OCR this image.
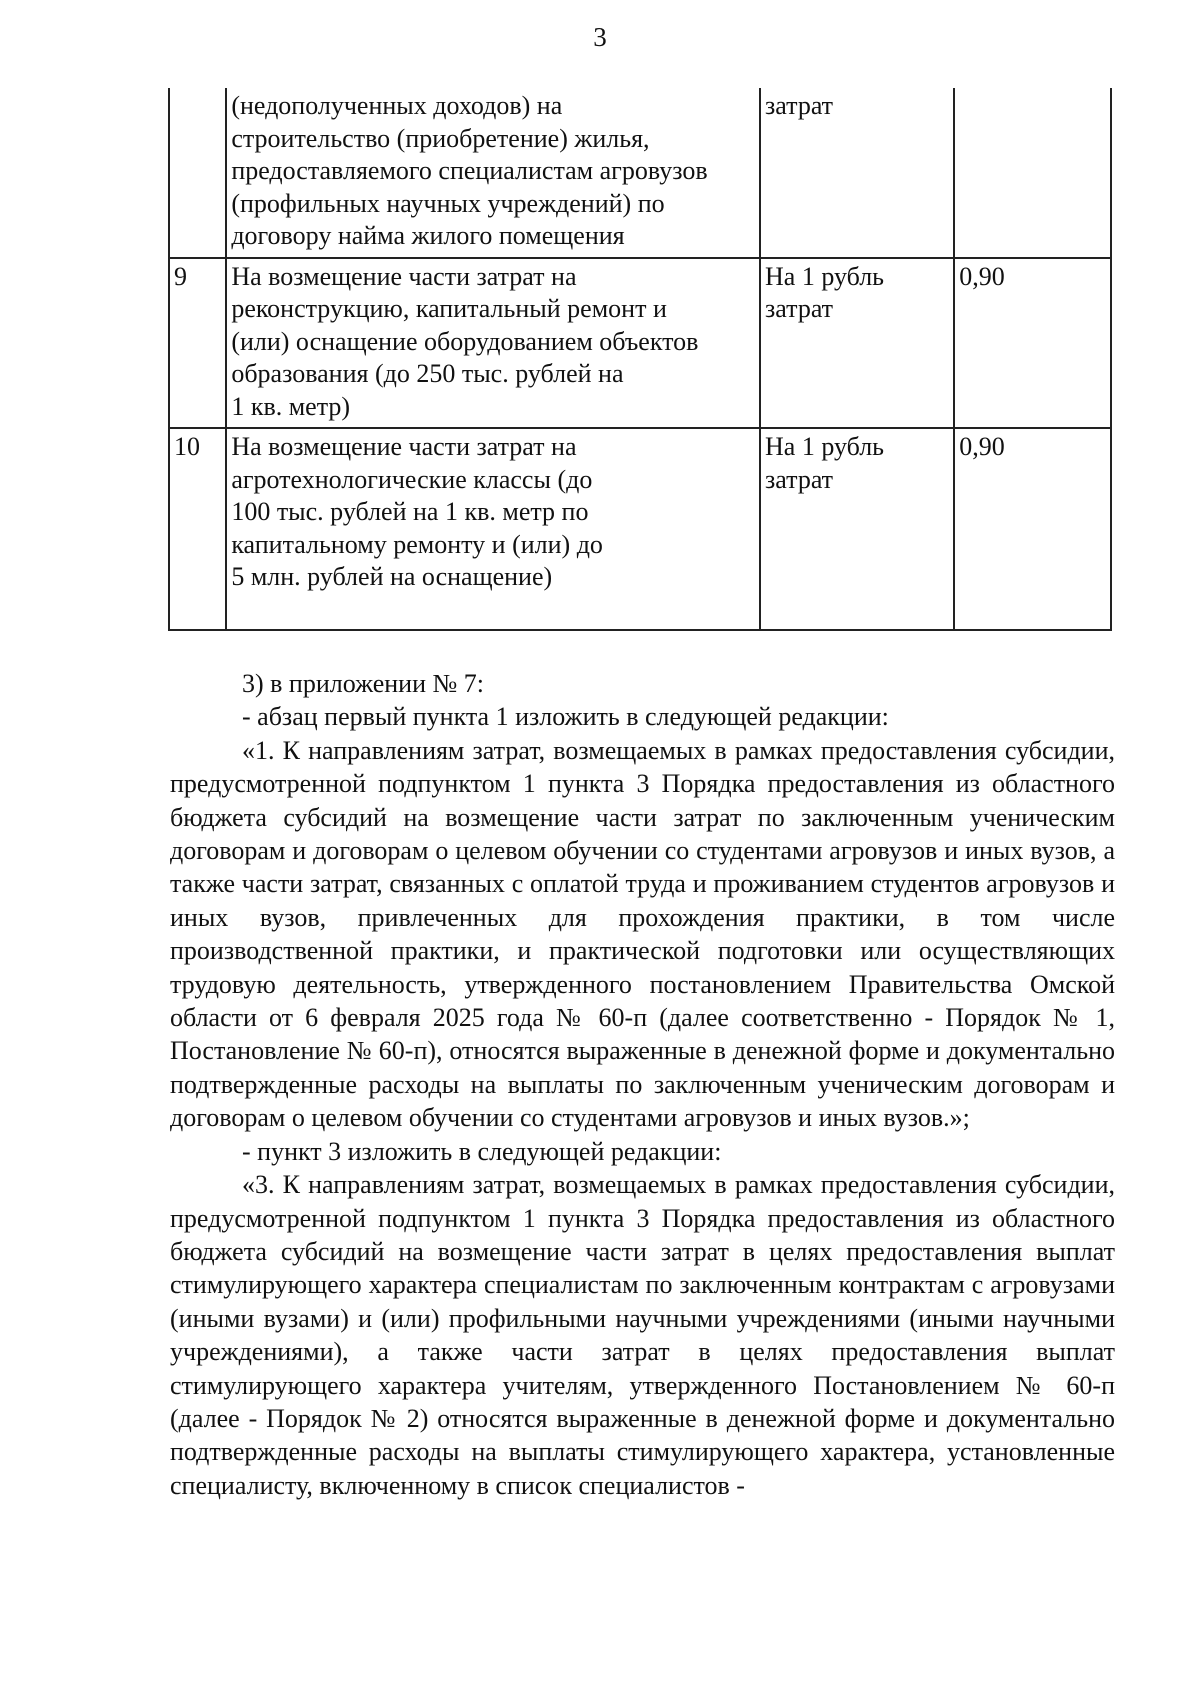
3
	(недополученных доходов) на
строительство (приобретение) жилья,
предоставляемого специалистам агровузов
(профильных научных учреждений) по
договору найма жилого помещения	затрат	
9	На возмещение части затрат на
реконструкцию, капитальный ремонт и
(или) оснащение оборудованием объектов
образования (до 250 тыс. рублей на
1 кв. метр)	На 1 рубль
затрат	0,90
10	На возмещение части затрат на
агротехнологические классы (до
100 тыс. рублей на 1 кв. метр по
капитальному ремонту и (или) до
5 млн. рублей на оснащение)	На 1 рубль
затрат	0,90

3) в приложении № 7:

- абзац первый пункта 1 изложить в следующей редакции:

«1. К направлениям затрат, возмещаемых в рамках предоставления субсидии, предусмотренной подпунктом 1 пункта 3 Порядка предоставления из областного бюджета субсидий на возмещение части затрат по заключенным ученическим договорам и договорам о целевом обучении со студентами агровузов и иных вузов, а также части затрат, связанных с оплатой труда и проживанием студентов агровузов и иных вузов, привлеченных для прохождения практики, в том числе производственной практики, и практической подготовки или осуществляющих трудовую деятельность, утвержденного постановлением Правительства Омской области от 6 февраля 2025 года № 60-п (далее соответственно - Порядок № 1, Постановление № 60-п), относятся выраженные в денежной форме и документально подтвержденные расходы на выплаты по заключенным ученическим договорам и договорам о целевом обучении со студентами агровузов и иных вузов.»;

- пункт 3 изложить в следующей редакции:

«3. К направлениям затрат, возмещаемых в рамках предоставления субсидии, предусмотренной подпунктом 1 пункта 3 Порядка предоставления из областного бюджета субсидий на возмещение части затрат в целях предоставления выплат стимулирующего характера специалистам по заключенным контрактам с агровузами (иными вузами) и (или) профильными научными учреждениями (иными научными учреждениями), а также части затрат в целях предоставления выплат стимулирующего характера учителям, утвержденного Постановлением № 60-п (далее - Порядок № 2) относятся выраженные в денежной форме и документально подтвержденные расходы на выплаты стимулирующего характера, установленные специалисту, включенному в список специалистов -
